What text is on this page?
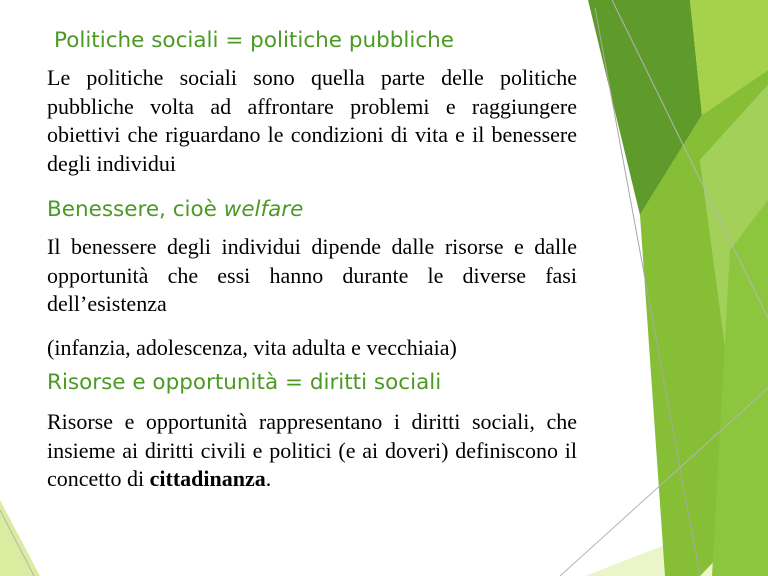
Politiche sociali = politiche pubbliche

Le politiche sociali sono quella parte delle politiche pubbliche volta ad affrontare problemi e raggiungere obiettivi che riguardano le condizioni di vita e il benessere degli individui

Benessere, cioè welfare

Il benessere degli individui dipende dalle risorse e dalle opportunità che essi hanno durante le diverse fasi dell’esistenza

(infanzia, adolescenza, vita adulta e vecchiaia)

Risorse e opportunità = diritti sociali

Risorse e opportunità rappresentano i diritti sociali, che insieme ai diritti civili e politici (e ai doveri) definiscono il concetto di cittadinanza.
